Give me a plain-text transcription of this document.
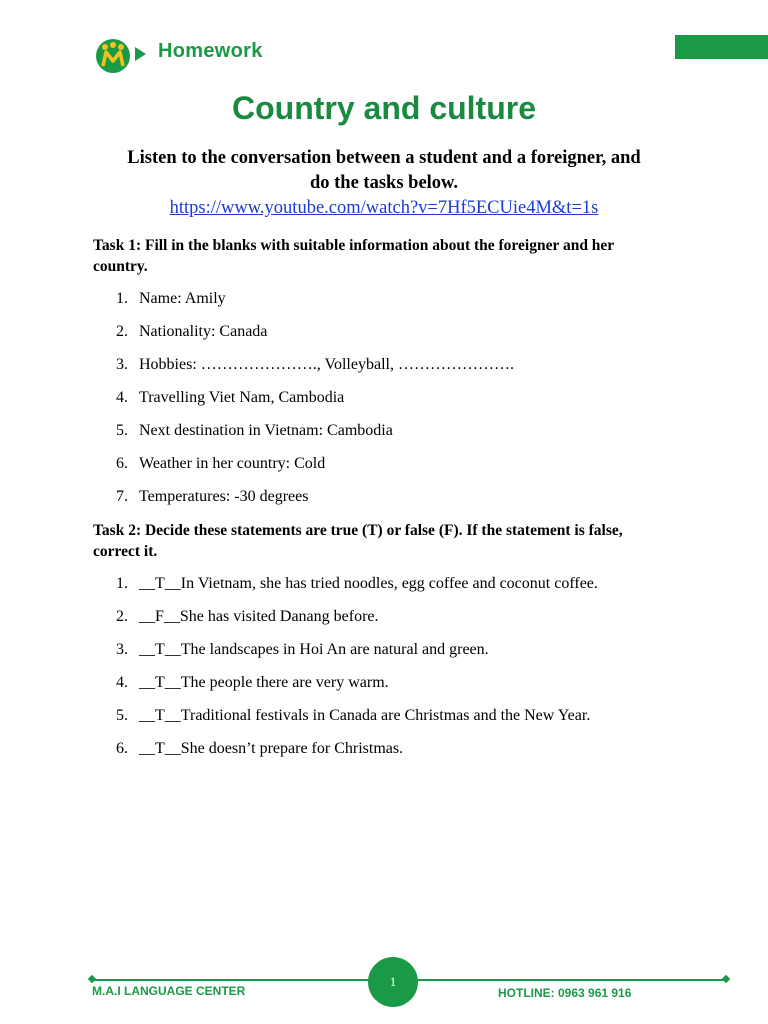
Homework
Country and culture
Listen to the conversation between a student and a foreigner, and
do the tasks below.
https://www.youtube.com/watch?v=7Hf5ECUie4M&t=1s
Task 1: Fill in the blanks with suitable information about the foreigner and her
country.
1. Name: Amily
2. Nationality: Canada
3. Hobbies: …………………., Volleyball, ………………….
4. Travelling Viet Nam, Cambodia
5. Next destination in Vietnam: Cambodia
6. Weather in her country: Cold
7. Temperatures: -30 degrees
Task 2: Decide these statements are true (T) or false (F). If the statement is false,
correct it.
1. __T__In Vietnam, she has tried noodles, egg coffee and coconut coffee.
2. __F__She has visited Danang before.
3. __T__The landscapes in Hoi An are natural and green.
4. __T__The people there are very warm.
5. __T__Traditional festivals in Canada are Christmas and the New Year.
6. __T__She doesn’t prepare for Christmas.
1
M.A.I LANGUAGE CENTER	HOTLINE: 0963 961 916
